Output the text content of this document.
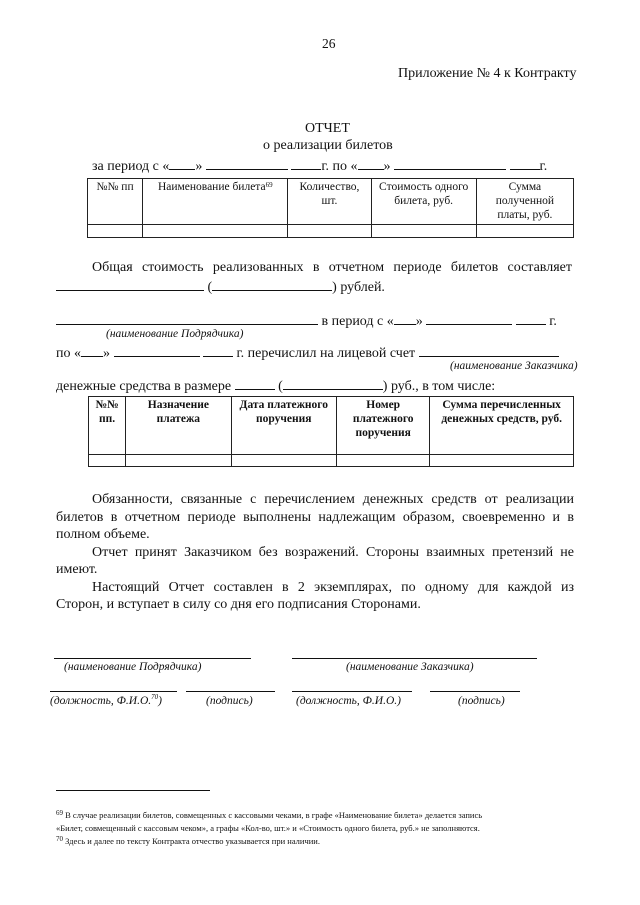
26
Приложение № 4 к Контракту
ОТЧЕТ
о реализации билетов
за период с « »	г. по « »	г.
№№ пп	Наименование билета$^{69}$	Количество, шт.	Стоимость одного билета, руб.	Сумма полученной платы, руб.

Общая стоимость реализованных в отчетном периоде билетов составляет
(	) рублей.
в период с « »	г.
(наименование Подрядчика)
по « »	г. перечислил на лицевой счет
(наименование Заказчика)
денежные средства в размере	(	) руб., в том числе:
№№ пп.	Назначение платежа	Дата платежного поручения	Номер платежного поручения	Сумма перечисленных денежных средств, руб.

Обязанности, связанные с перечислением денежных средств от реализации
билетов в отчетном периоде выполнены надлежащим образом, своевременно и в
полном объеме.
Отчет принят Заказчиком без возражений. Стороны взаимных претензий не
имеют.
Настоящий Отчет составлен в 2 экземплярах, по одному для каждой из
Сторон, и вступает в силу со дня его подписания Сторонами.
(наименование Подрядчика)	(наименование Заказчика)
(должность, Ф.И.О.$^{70}$)	(подпись)	(должность, Ф.И.О.)	(подпись)
$^{69}$ В случае реализации билетов, совмещенных с кассовыми чеками, в графе «Наименование билета» делается запись
«Билет, совмещенный с кассовым чеком», а графы «Кол-во, шт.» и «Стоимость одного билета, руб.» не заполняются.
$^{70}$ Здесь и далее по тексту Контракта отчество указывается при наличии.
